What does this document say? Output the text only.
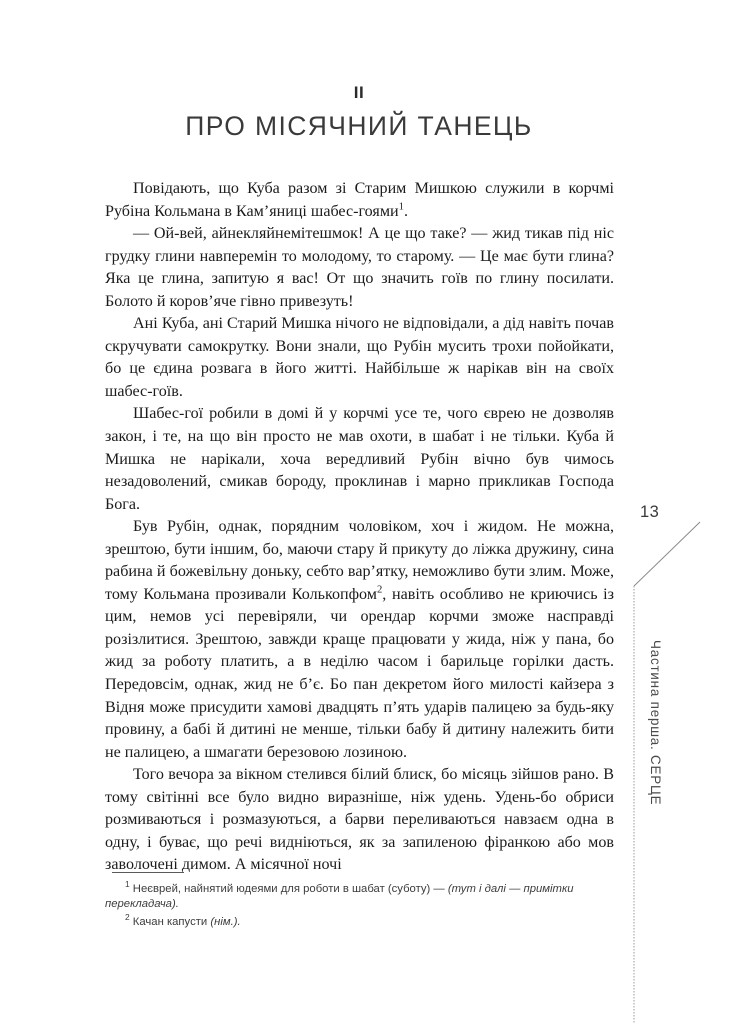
II
ПРО МІСЯЧНИЙ ТАНЕЦЬ

Повідають, що Куба разом зі Старим Мишкою служили в корчмі Рубіна Кольмана в Кам’яниці шабес-гоями$^1$.

— Ой-вей, айнекляйнемітешмок! А це що таке? — жид тикав під ніс грудку глини навперемін то молодому, то старому. — Це має бути глина? Яка це глина, запитую я вас! От що значить гоїв по глину посилати. Болото й коров’яче гівно привезуть!

Ані Куба, ані Старий Мишка нічого не відповідали, а дід навіть почав скручувати самокрутку. Вони знали, що Рубін мусить трохи пойойкати, бо це єдина розвага в його житті. Найбільше ж нарікав він на своїх шабес-гоїв.

Шабес-гої робили в домі й у корчмі усе те, чого єврею не дозволяв закон, і те, на що він просто не мав охоти, в шабат і не тільки. Куба й Мишка не нарікали, хоча вередливий Рубін вічно був чимось незадоволений, смикав бороду, проклинав і марно прикликав Господа Бога.

Був Рубін, однак, порядним чоловіком, хоч і жидом. Не можна, зрештою, бути іншим, бо, маючи стару й прикуту до ліжка дружину, сина рабина й божевільну доньку, себто вар’ятку, неможливо бути злим. Може, тому Кольмана прозивали Колькопфом$^2$, навіть особливо не криючись із цим, немов усі перевіряли, чи орендар корчми зможе насправді розізлитися. Зрештою, завжди краще працювати у жида, ніж у пана, бо жид за роботу платить, а в неділю часом і барильце горілки дасть. Передовсім, однак, жид не б’є. Бо пан декретом його милості кайзера з Відня може присудити хамові двадцять п’ять ударів палицею за будь-яку провину, а бабі й дитині не менше, тільки бабу й дитину належить бити не палицею, а шмагати березовою лозиною.

Того вечора за вікном стелився білий блиск, бо місяць зійшов рано. В тому світінні все було видно виразніше, ніж удень. Удень-бо обриси розмиваються і розмазуються, а барви переливаються навзаєм одна в одну, і буває, що речі видніються, як за запиленою фіранкою або мов заволочені димом. А місячної ночі

$^1$ Неєврей, найнятий юдеями для роботи в шабат (суботу) — (тут і далі — примітки перекладача).

$^2$ Качан капусти (нім.).

13
Частина перша. СЕРЦЕ
